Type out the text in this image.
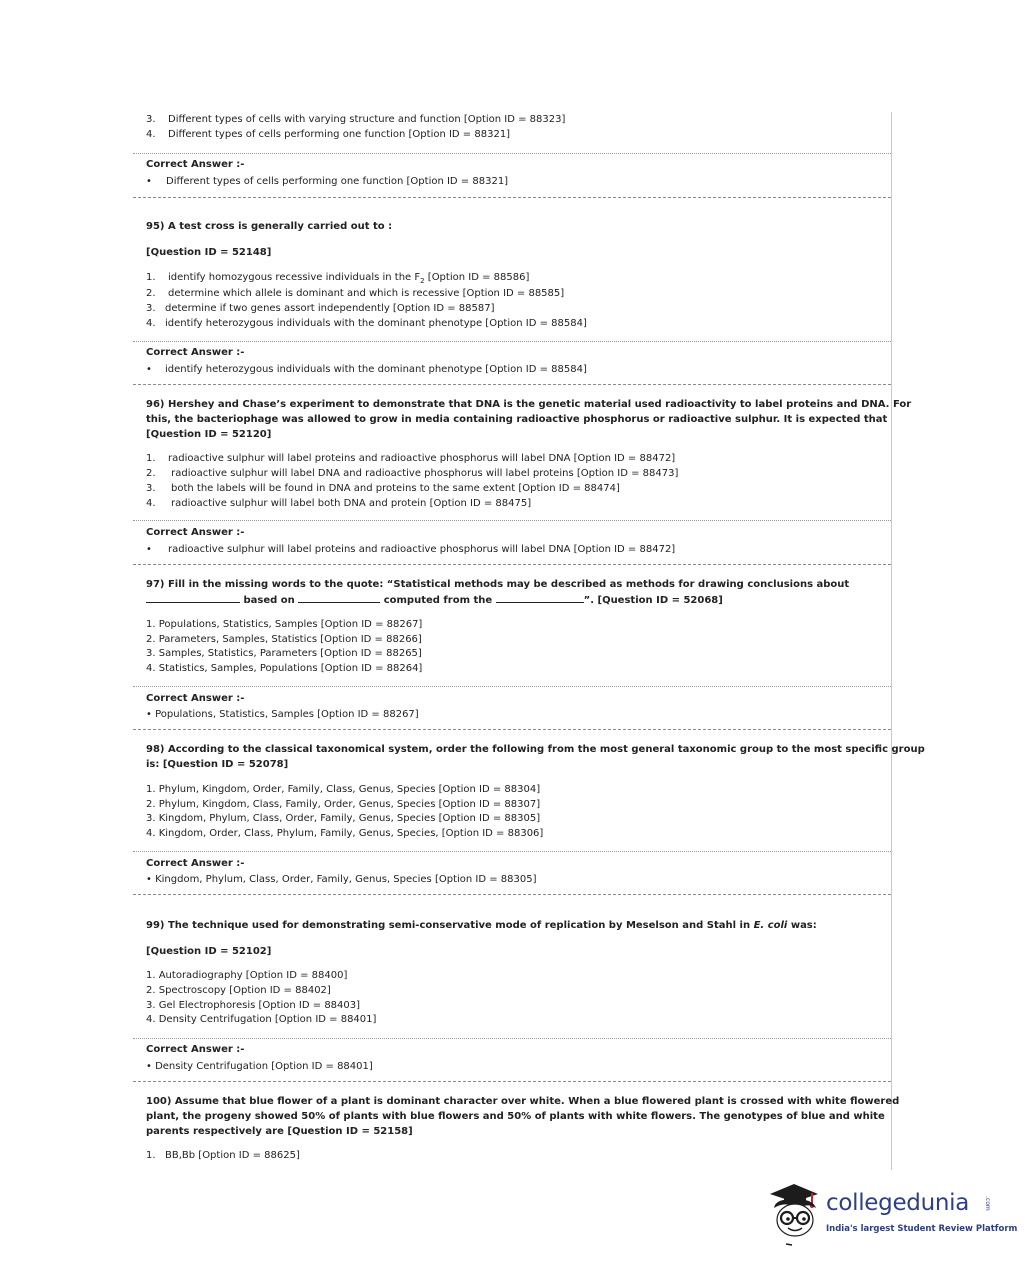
3. Different types of cells with varying structure and function [Option ID = 88323]
4. Different types of cells performing one function [Option ID = 88321]
Correct Answer :-
• Different types of cells performing one function [Option ID = 88321]
95) A test cross is generally carried out to :
[Question ID = 52148]
1. identify homozygous recessive individuals in the $F_2$ [Option ID = 88586]
2. determine which allele is dominant and which is recessive [Option ID = 88585]
3. determine if two genes assort independently [Option ID = 88587]
4. identify heterozygous individuals with the dominant phenotype [Option ID = 88584]
Correct Answer :-
• identify heterozygous individuals with the dominant phenotype [Option ID = 88584]
96) Hershey and Chase’s experiment to demonstrate that DNA is the genetic material used radioactivity to label proteins and DNA. For
this, the bacteriophage was allowed to grow in media containing radioactive phosphorus or radioactive sulphur. It is expected that
[Question ID = 52120]
1. radioactive sulphur will label proteins and radioactive phosphorus will label DNA [Option ID = 88472]
2. radioactive sulphur will label DNA and radioactive phosphorus will label proteins [Option ID = 88473]
3. both the labels will be found in DNA and proteins to the same extent [Option ID = 88474]
4. radioactive sulphur will label both DNA and protein [Option ID = 88475]
Correct Answer :-
• radioactive sulphur will label proteins and radioactive phosphorus will label DNA [Option ID = 88472]
97) Fill in the missing words to the quote: “Statistical methods may be described as methods for drawing conclusions about
based on	computed from the	”. [Question ID = 52068]
1. Populations, Statistics, Samples [Option ID = 88267]
2. Parameters, Samples, Statistics [Option ID = 88266]
3. Samples, Statistics, Parameters [Option ID = 88265]
4. Statistics, Samples, Populations [Option ID = 88264]
Correct Answer :-
• Populations, Statistics, Samples [Option ID = 88267]
98) According to the classical taxonomical system, order the following from the most general taxonomic group to the most specific group
is: [Question ID = 52078]
1. Phylum, Kingdom, Order, Family, Class, Genus, Species [Option ID = 88304]
2. Phylum, Kingdom, Class, Family, Order, Genus, Species [Option ID = 88307]
3. Kingdom, Phylum, Class, Order, Family, Genus, Species [Option ID = 88305]
4. Kingdom, Order, Class, Phylum, Family, Genus, Species, [Option ID = 88306]
Correct Answer :-
• Kingdom, Phylum, Class, Order, Family, Genus, Species [Option ID = 88305]
99) The technique used for demonstrating semi-conservative mode of replication by Meselson and Stahl in E. coli was:
[Question ID = 52102]
1. Autoradiography [Option ID = 88400]
2. Spectroscopy [Option ID = 88402]
3. Gel Electrophoresis [Option ID = 88403]
4. Density Centrifugation [Option ID = 88401]
Correct Answer :-
• Density Centrifugation [Option ID = 88401]
100) Assume that blue flower of a plant is dominant character over white. When a blue flowered plant is crossed with white flowered
plant, the progeny showed 50% of plants with blue flowers and 50% of plants with white flowers. The genotypes of blue and white
parents respectively are [Question ID = 52158]
1. BB,Bb [Option ID = 88625]
collegedunia .com
India's largest Student Review Platform
